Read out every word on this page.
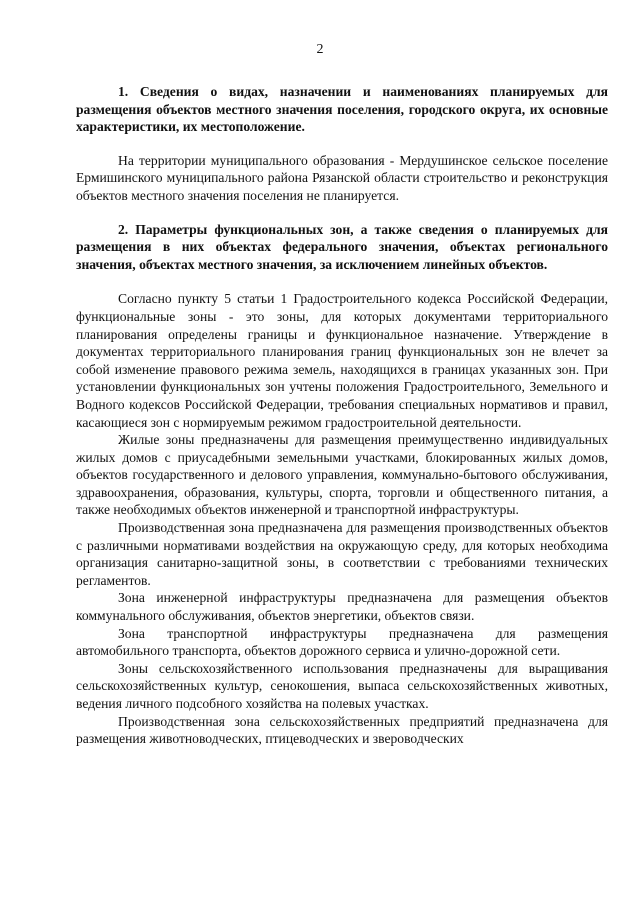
2

1. Сведения о видах, назначении и наименованиях планируемых для размещения объектов местного значения поселения, городского округа, их основные характеристики, их местоположение.

На территории муниципального образования - Мердушинское сельское поселение Ермишинского муниципального района Рязанской области строительство и реконструкция объектов местного значения поселения не планируется.

2. Параметры функциональных зон, а также сведения о планируемых для размещения в них объектах федерального значения, объектах регионального значения, объектах местного значения, за исключением линейных объектов.

Согласно пункту 5 статьи 1 Градостроительного кодекса Российской Федерации, функциональные зоны - это зоны, для которых документами территориального планирования определены границы и функциональное назначение. Утверждение в документах территориального планирования границ функциональных зон не влечет за собой изменение правового режима земель, находящихся в границах указанных зон. При установлении функциональных зон учтены положения Градостроительного, Земельного и Водного кодексов Российской Федерации, требования специальных нормативов и правил, касающиеся зон с нормируемым режимом градостроительной деятельности.

Жилые зоны предназначены для размещения преимущественно индивидуальных жилых домов с приусадебными земельными участками, блокированных жилых домов, объектов государственного и делового управления, коммунально-бытового обслуживания, здравоохранения, образования, культуры, спорта, торговли и общественного питания, а также необходимых объектов инженерной и транспортной инфраструктуры.

Производственная зона предназначена для размещения производственных объектов с различными нормативами воздействия на окружающую среду, для которых необходима организация санитарно-защитной зоны, в соответствии с требованиями технических регламентов.

Зона инженерной инфраструктуры предназначена для размещения объектов коммунального обслуживания, объектов энергетики, объектов связи.

Зона транспортной инфраструктуры предназначена для размещения автомобильного транспорта, объектов дорожного сервиса и улично-дорожной сети.

Зоны сельскохозяйственного использования предназначены для выращивания сельскохозяйственных культур, сенокошения, выпаса сельскохозяйственных животных, ведения личного подсобного хозяйства на полевых участках.

Производственная зона сельскохозяйственных предприятий предназначена для размещения животноводческих, птицеводческих и звероводческих
